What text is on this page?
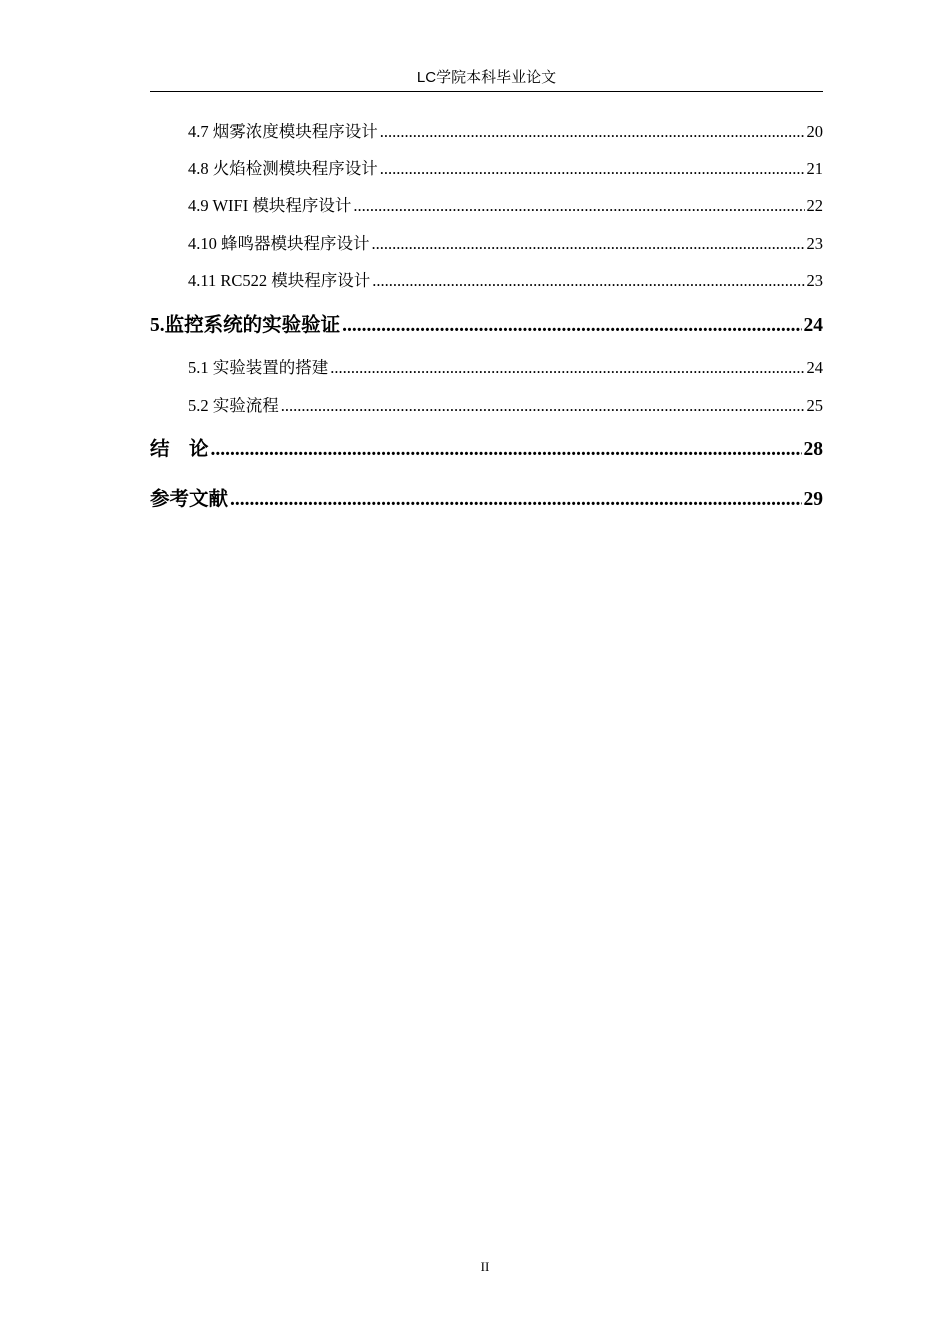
LC学院本科毕业论文
4.7 烟雾浓度模块程序设计 .....	20
4.8 火焰检测模块程序设计 .....	21
4.9 WIFI 模块程序设计 .....	22
4.10 蜂鸣器模块程序设计 .....	23
4.11 RC522 模块程序设计 .....	23
5.监控系统的实验验证 .....	24
5.1 实验装置的搭建 .....	24
5.2 实验流程 .....	25
结    论 .....	28
参考文献 .....	29
II
